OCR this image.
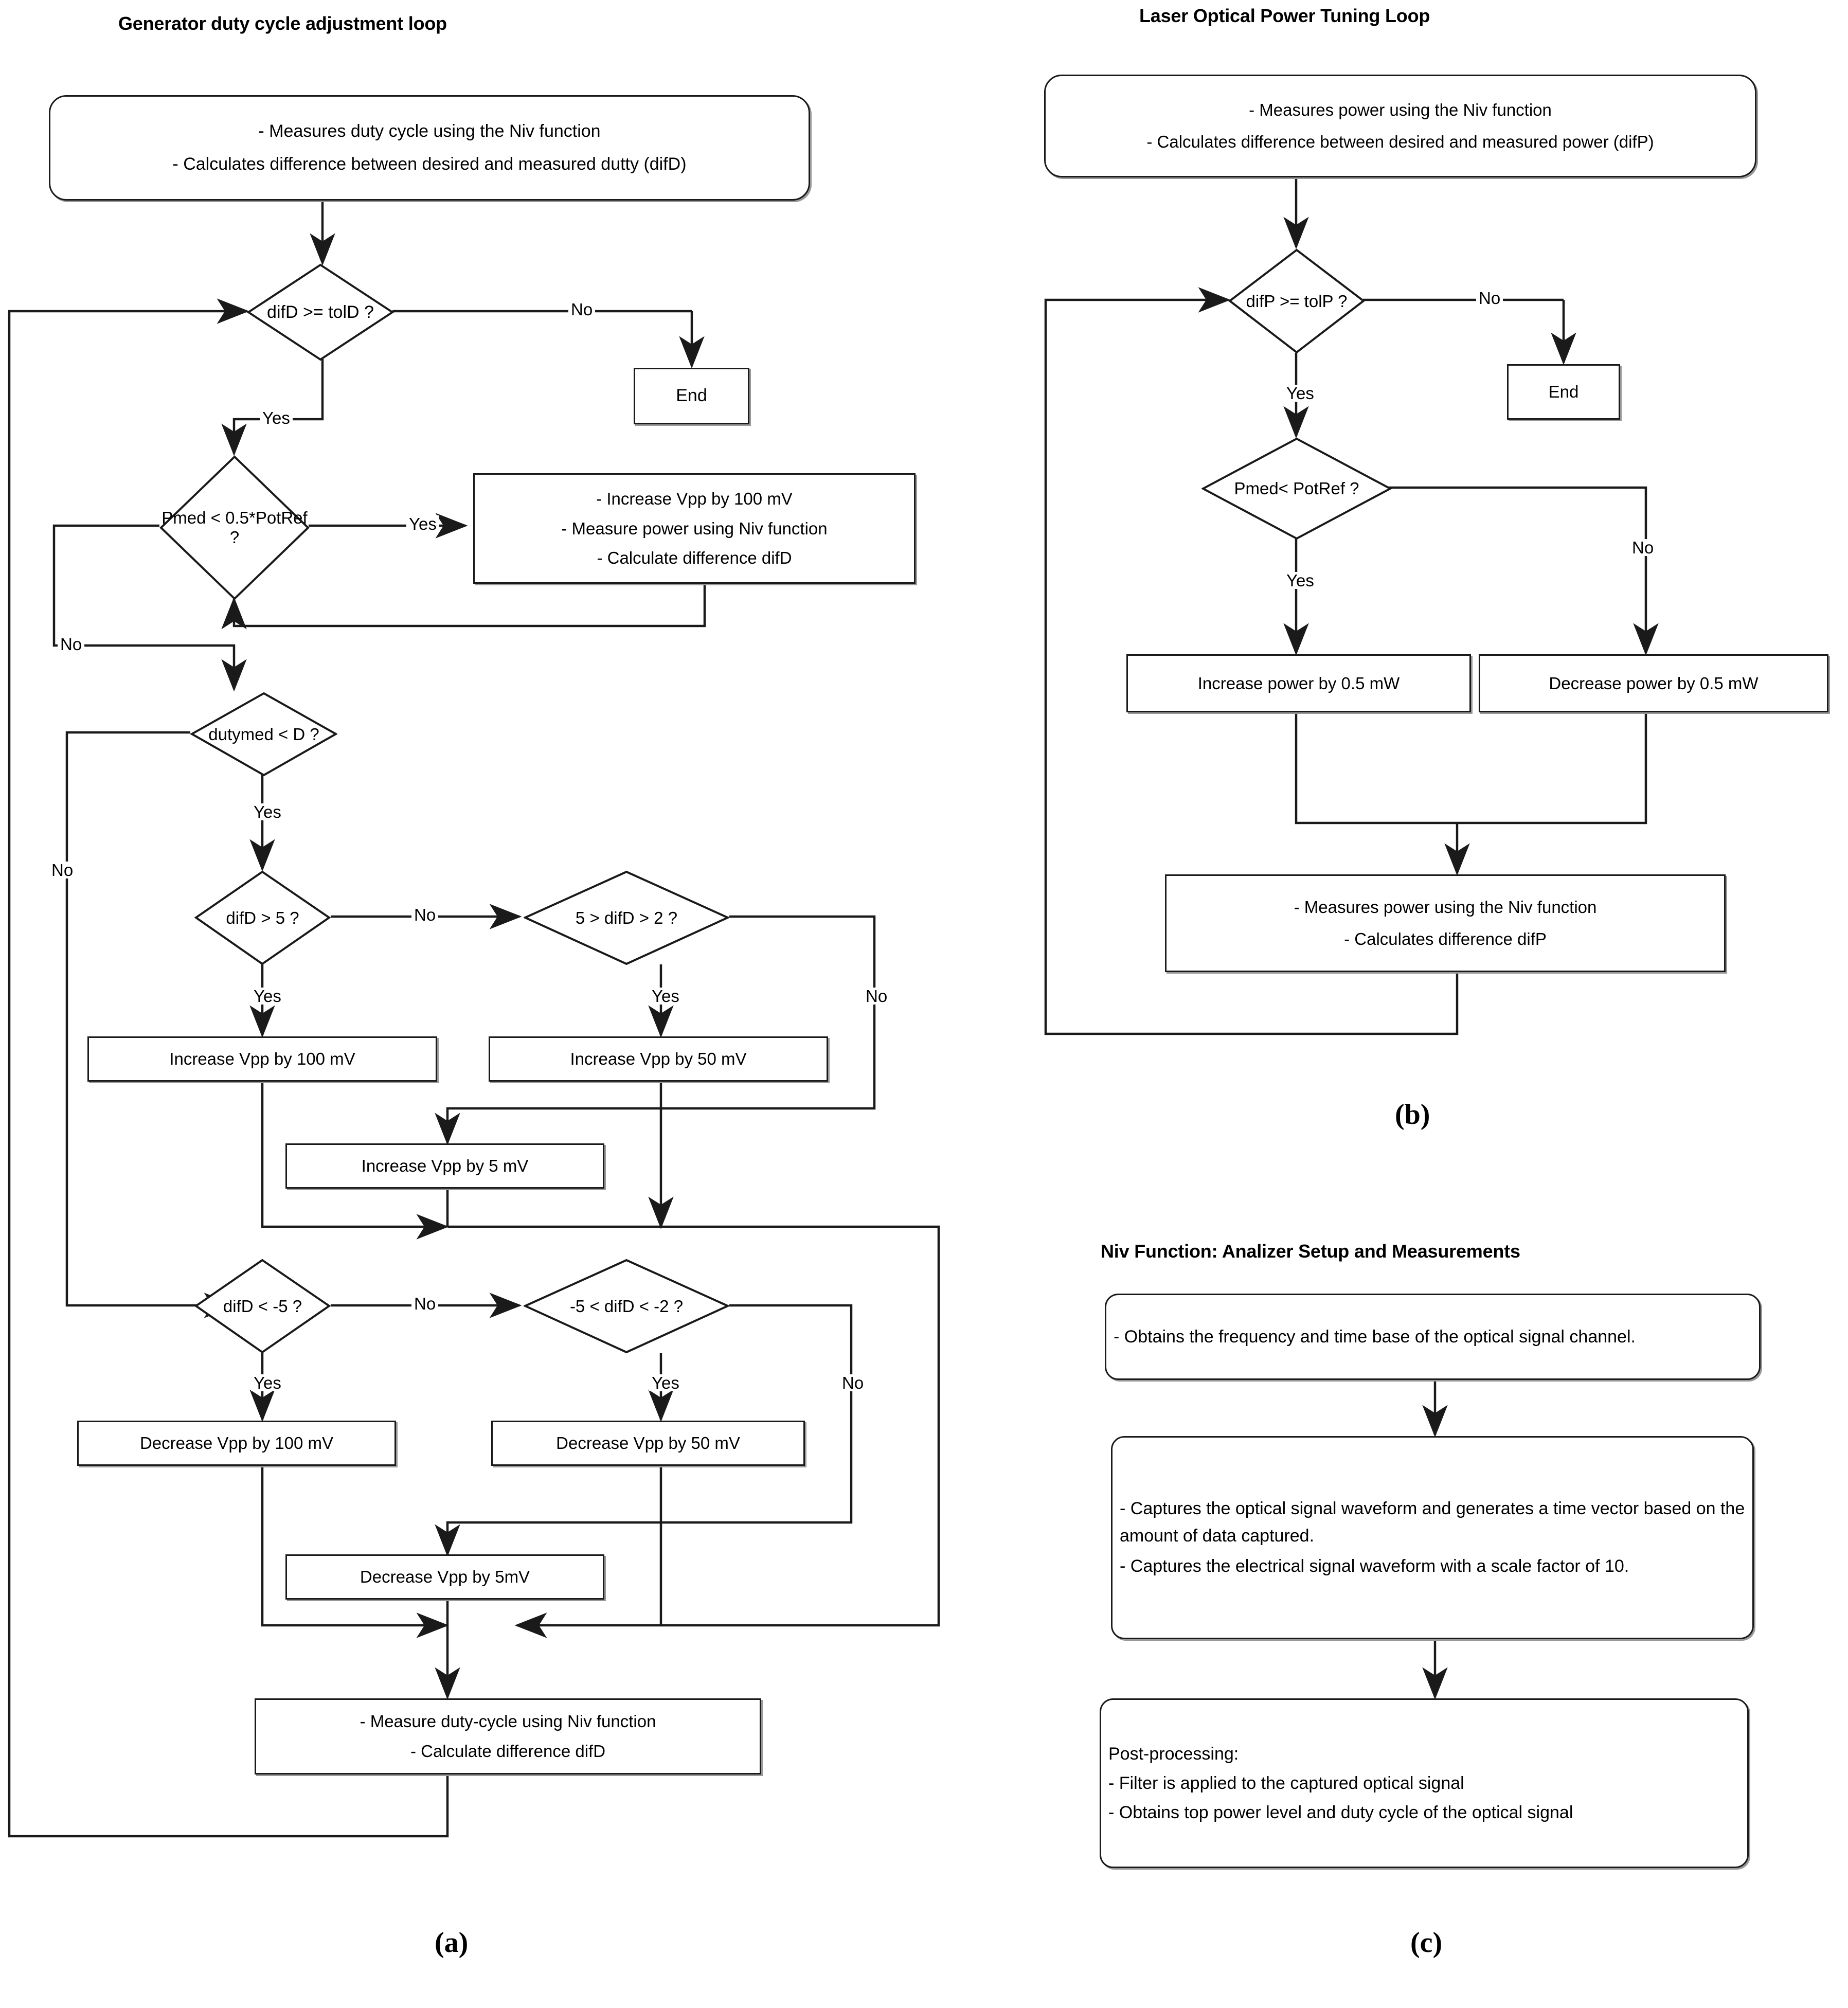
Generator duty cycle adjustment loop
- Measures duty cycle using the Niv function
- Calculates difference between desired and measured dutty (difD)
difD >= tolD ?
End
Pmed < 0.5*PotRef ?
- Increase Vpp by 100 mV
- Measure power using Niv function
- Calculate difference difD
dutymed < D ?
difD > 5 ?	5 > difD > 2 ?
Increase Vpp by 100 mV	Increase Vpp by 50 mV
Increase Vpp by 5 mV
difD < -5 ?	-5 < difD < -2 ?
Decrease Vpp by 100 mV	Decrease Vpp by 50 mV
Decrease Vpp by 5mV
- Measure duty-cycle using Niv function
- Calculate difference difD
No
Yes
Yes
No
Yes
No
No
Yes	Yes	No
No
Yes	Yes	No
(a)
Laser Optical Power Tuning Loop
- Measures power using the Niv function
- Calculates difference between desired and measured power (difP)
difP >= tolP ?
End
Pmed< PotRef ?
Increase power by 0.5 mW	Decrease power by 0.5 mW
- Measures power using the Niv function
- Calculates difference difP
No
Yes
Yes
No
(b)
Niv Function: Analizer Setup and Measurements
- Obtains the frequency and time base of the optical signal channel.
- Captures the optical signal waveform and generates a time vector based on the amount of data captured.
- Captures the electrical signal waveform with a scale factor of 10.
Post-processing:
- Filter is applied to the captured optical signal
- Obtains top power level and duty cycle of the optical signal
(c)
